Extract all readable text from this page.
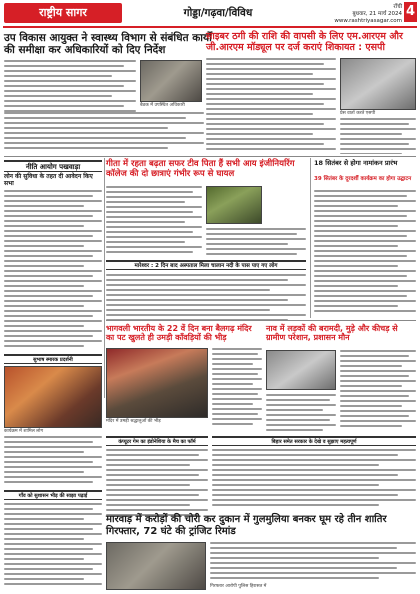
राष्ट्रीय सागर	गोड्डा/गढ़वा/विविध	राँची
बुधवार, 21 मार्च 2024
www.rashtriyasagar.com
4
उप विकास आयुक्त ने स्वास्थ्य विभाग से संबंधित कार्यों की समीक्षा कर अधिकारियों को दिए निर्देश
बैठक में उपस्थित अधिकारी
साइबर ठगी की राशि की वापसी के लिए एम.आरएम और जी.आरएम मॉड्यूल पर दर्ज कराएं शिकायत : एसपी
प्रेस वार्ता करते एसपी
नीति आयोग पखवाड़ा
लोन की सुविधा के तहत दी आवेदन किए सभा
गीता में रहता बढ़ता सफर टीव पिता हैं सभी आय इंजीनियरिंग कॉलेज की दो छात्राएं गंभीर रूप से घायल
18 सितंबर से होगा नामांकन प्रारंभ
39 सितंबर के दूरदर्शी कार्यक्रम का होगा उद्घाटन
मारेश्वर : 2 दिन बाद अस्पताल मिला चालान नदी के पास पाए गए लोग
भागवली भारतीय के 22 वें दिन बना बैलगढ़ मंदिर का पट खुलते ही उमड़ी काँवड़ियों की भीड़
नाव में लड़कों की बरामदी, मुड़े और कीचड़ से ग्रामीण परेशान, प्रशासन मौन
मंदिर में उमड़ी श्रद्धालुओं की भीड़
सुभाष स्मारक प्रदर्शनी
कार्यक्रम में शामिल लोग
गाँव को सुशासन भीड़ की साझा पढ़ाई
कंप्यूटर गेम का इंडोनेशिया के मैच का फॉर्म	बिहार समेत सरकार के देखे व सुझाए महत्वपूर्ण
मारवाड़ में करोड़ों की चोरी कर दुकान में गुलमुलिया बनकर घूम रहे तीन शातिर गिरफ्तार, 72 घंटे की ट्रांजिट रिमांड
गिरफ्तार आरोपी पुलिस हिरासत में
